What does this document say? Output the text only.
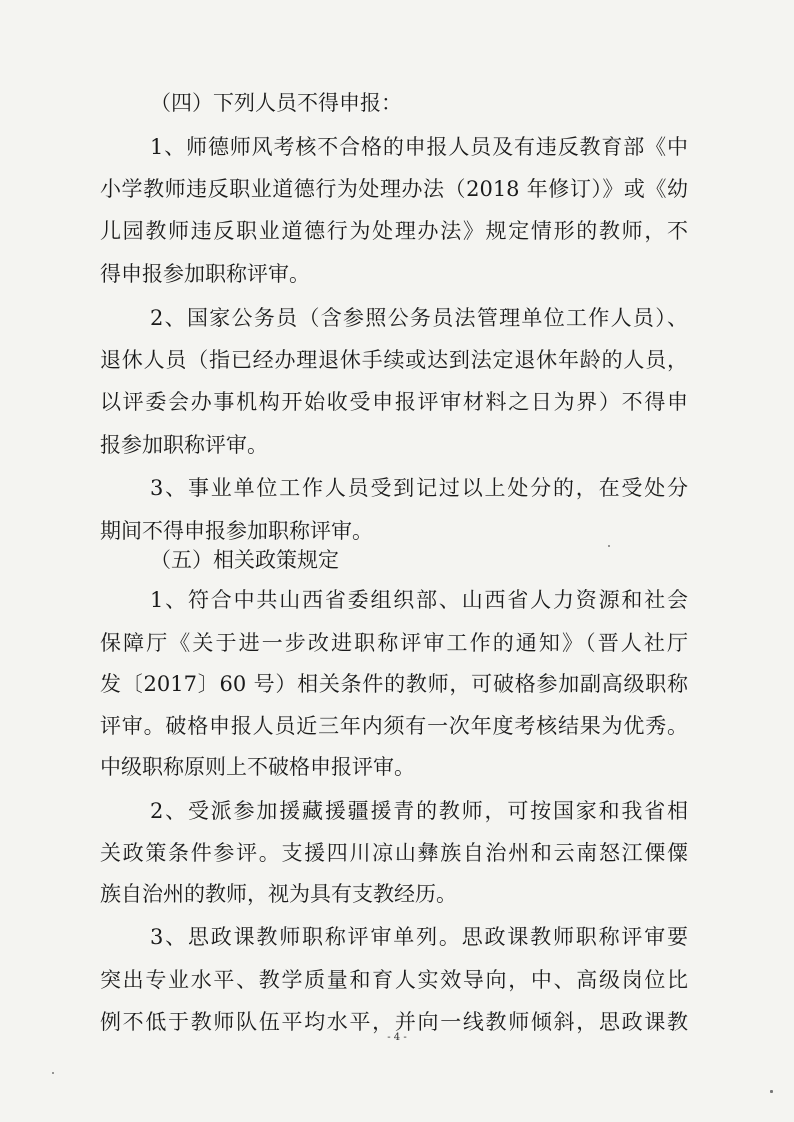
（四）下列人员不得申报：
1、师德师风考核不合格的申报人员及有违反教育部《中
小学教师违反职业道德行为处理办法（2018 年修订）》或《幼
儿园教师违反职业道德行为处理办法》规定情形的教师，不
得申报参加职称评审。
2、国家公务员（含参照公务员法管理单位工作人员）、
退休人员（指已经办理退休手续或达到法定退休年龄的人员，
以评委会办事机构开始收受申报评审材料之日为界）不得申
报参加职称评审。
3、事业单位工作人员受到记过以上处分的，在受处分
期间不得申报参加职称评审。
（五）相关政策规定
1、符合中共山西省委组织部、山西省人力资源和社会
保障厅《关于进一步改进职称评审工作的通知》（晋人社厅
发〔2017〕60 号）相关条件的教师，可破格参加副高级职称
评审。破格申报人员近三年内须有一次年度考核结果为优秀。
中级职称原则上不破格申报评审。
2、受派参加援藏援疆援青的教师，可按国家和我省相
关政策条件参评。支援四川凉山彝族自治州和云南怒江傈僳
族自治州的教师，视为具有支教经历。
3、思政课教师职称评审单列。思政课教师职称评审要
突出专业水平、教学质量和育人实效导向，中、高级岗位比
例不低于教师队伍平均水平，并向一线教师倾斜，思政课教
- 4 -
